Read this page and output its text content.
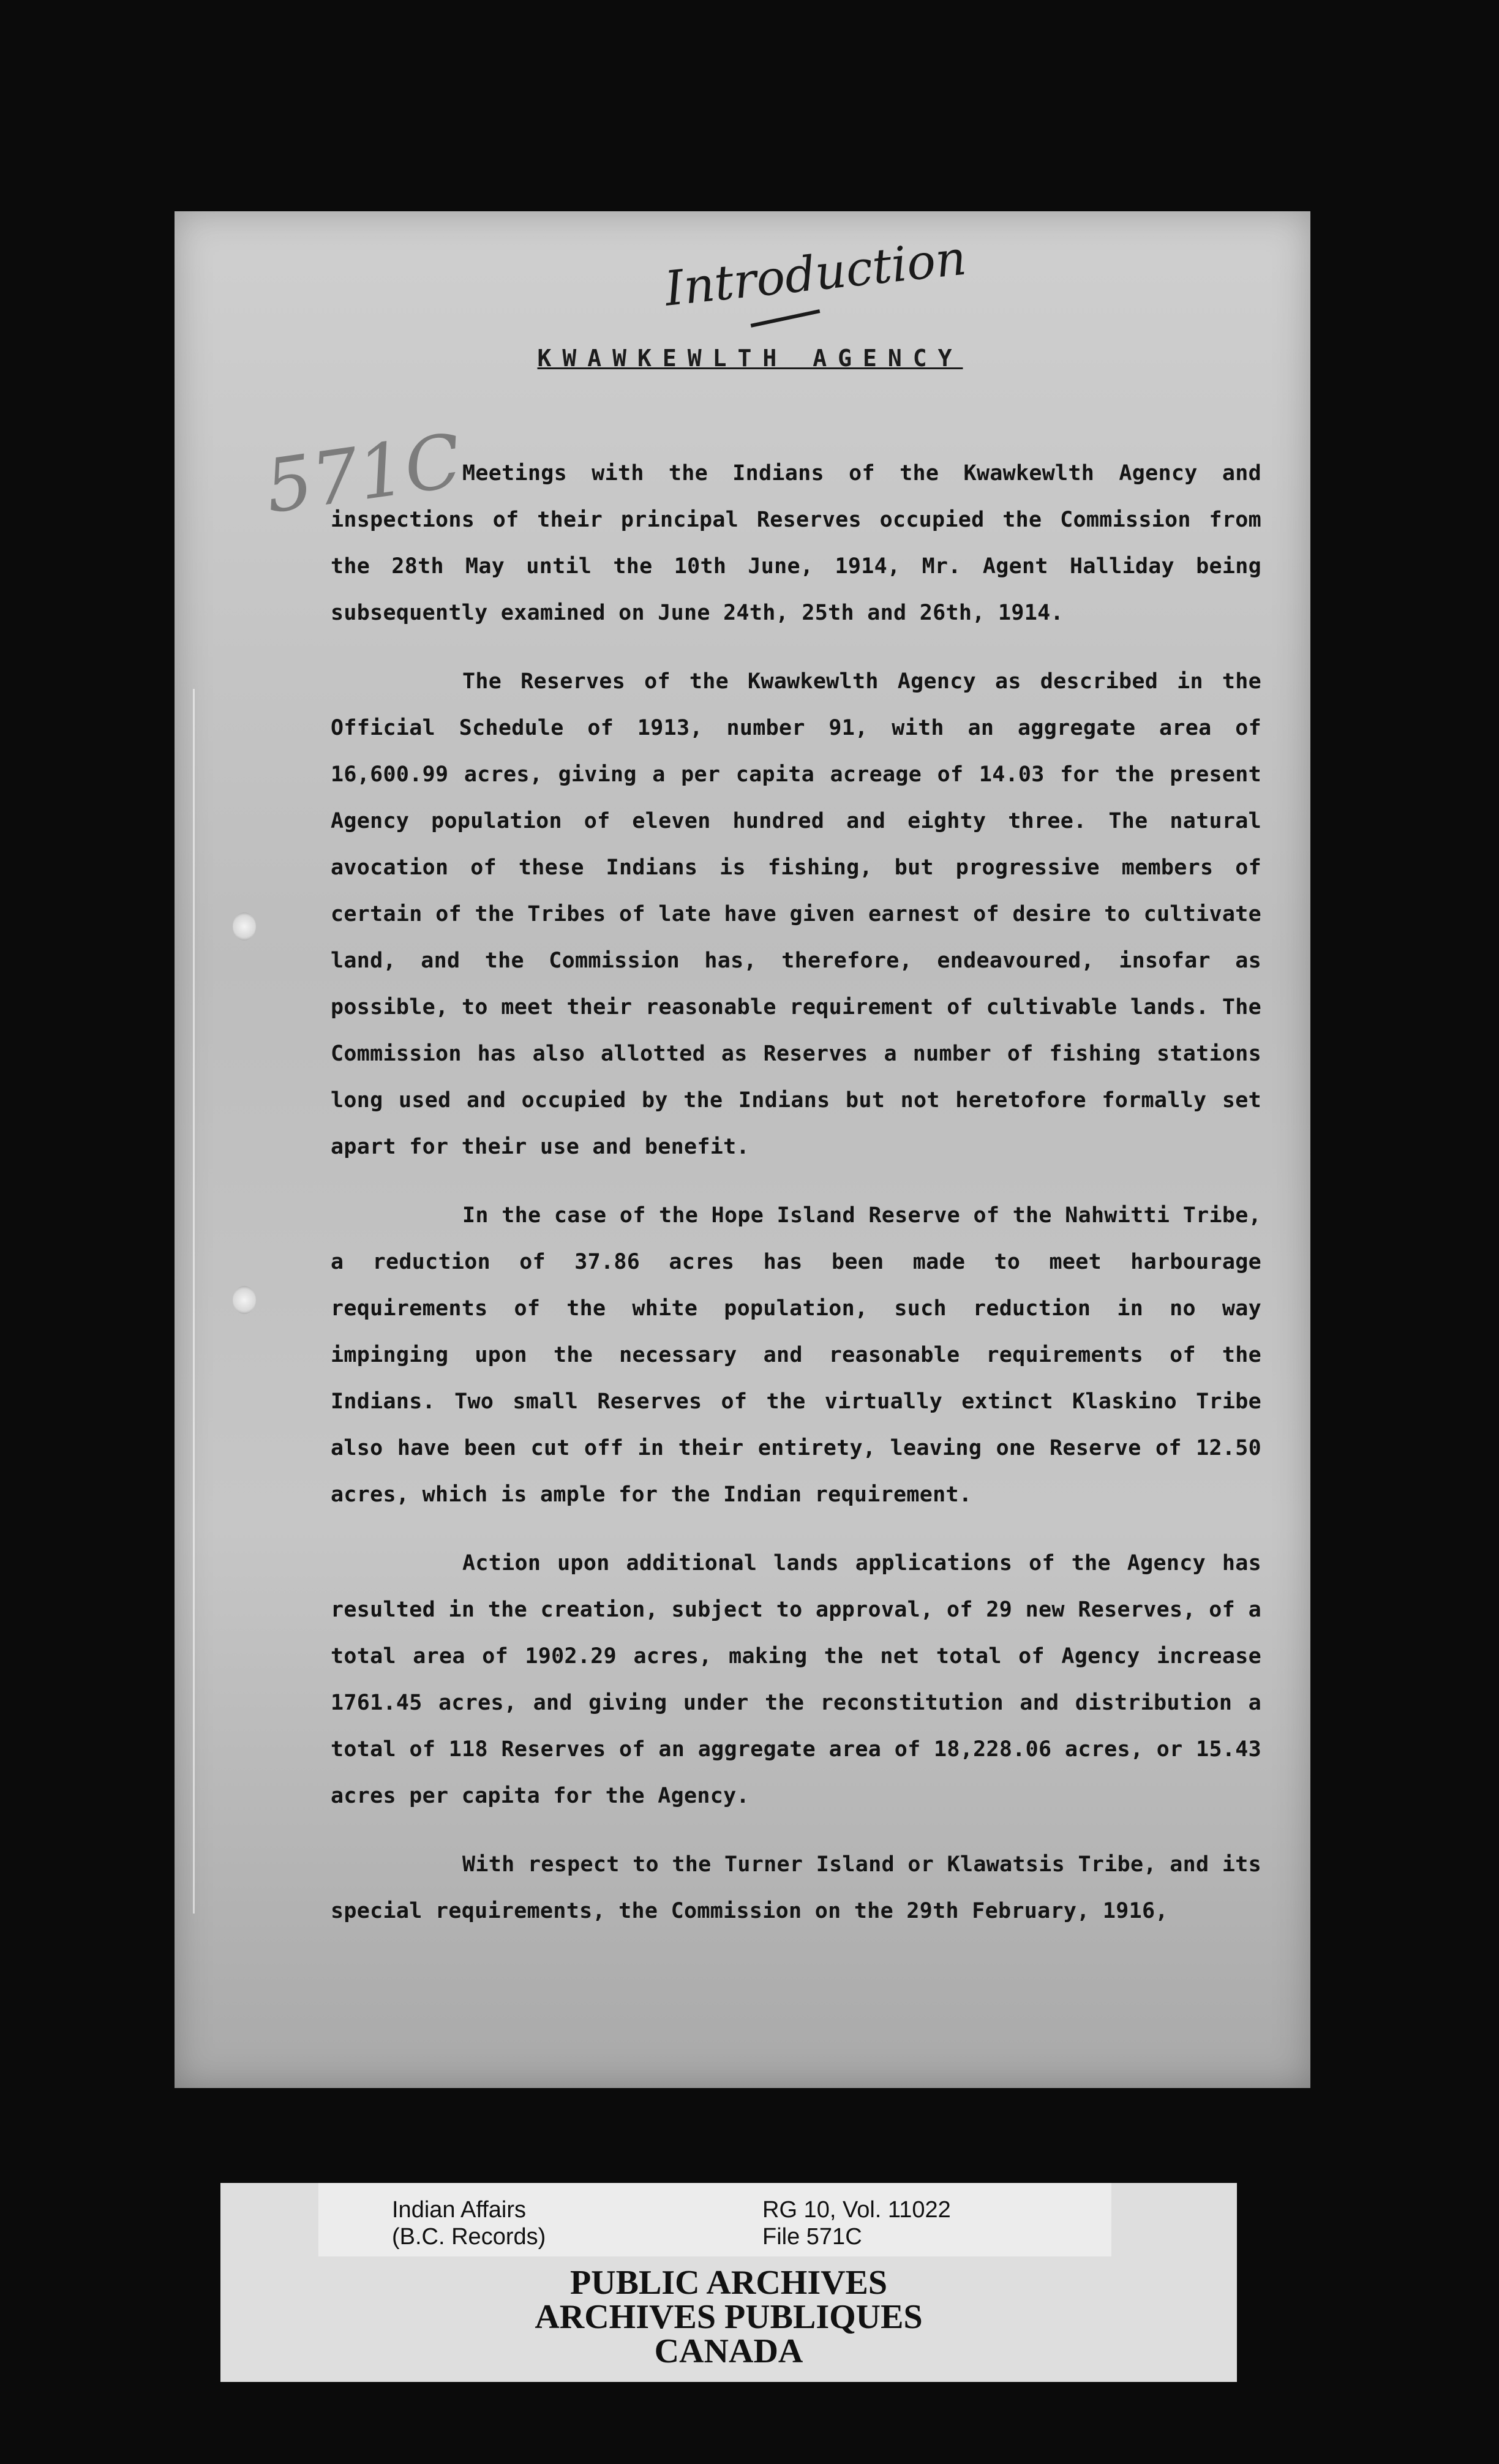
Introduction
571C
KWAWKEWLTH AGENCY

Meetings with the Indians of the Kwawkewlth Agency and inspections of their principal Reserves occupied the Commission from the 28th May until the 10th June, 1914, Mr. Agent Halliday being subsequently examined on June 24th, 25th and 26th, 1914.

The Reserves of the Kwawkewlth Agency as described in the Official Schedule of 1913, number 91, with an aggregate area of 16,600.99 acres, giving a per capita acreage of 14.03 for the present Agency population of eleven hundred and eighty three. The natural avocation of these Indians is fishing, but progressive members of certain of the Tribes of late have given earnest of desire to cultivate land, and the Commission has, therefore, endeavoured, insofar as possible, to meet their reasonable requirement of cultivable lands. The Commission has also allotted as Reserves a number of fishing stations long used and occupied by the Indians but not heretofore formally set apart for their use and benefit.

In the case of the Hope Island Reserve of the Nahwitti Tribe, a reduction of 37.86 acres has been made to meet harbourage requirements of the white population, such reduction in no way impinging upon the necessary and reasonable requirements of the Indians. Two small Reserves of the virtually extinct Klaskino Tribe also have been cut off in their entirety, leaving one Reserve of 12.50 acres, which is ample for the Indian requirement.

Action upon additional lands applications of the Agency has resulted in the creation, subject to approval, of 29 new Reserves, of a total area of 1902.29 acres, making the net total of Agency increase 1761.45 acres, and giving under the reconstitution and distribution a total of 118 Reserves of an aggregate area of 18,228.06 acres, or 15.43 acres per capita for the Agency.

With respect to the Turner Island or Klawatsis Tribe, and its special requirements, the Commission on the 29th February, 1916,

Indian Affairs
(B.C. Records)
RG 10, Vol. 11022
File 571C
PUBLIC ARCHIVES
ARCHIVES PUBLIQUES
CANADA
